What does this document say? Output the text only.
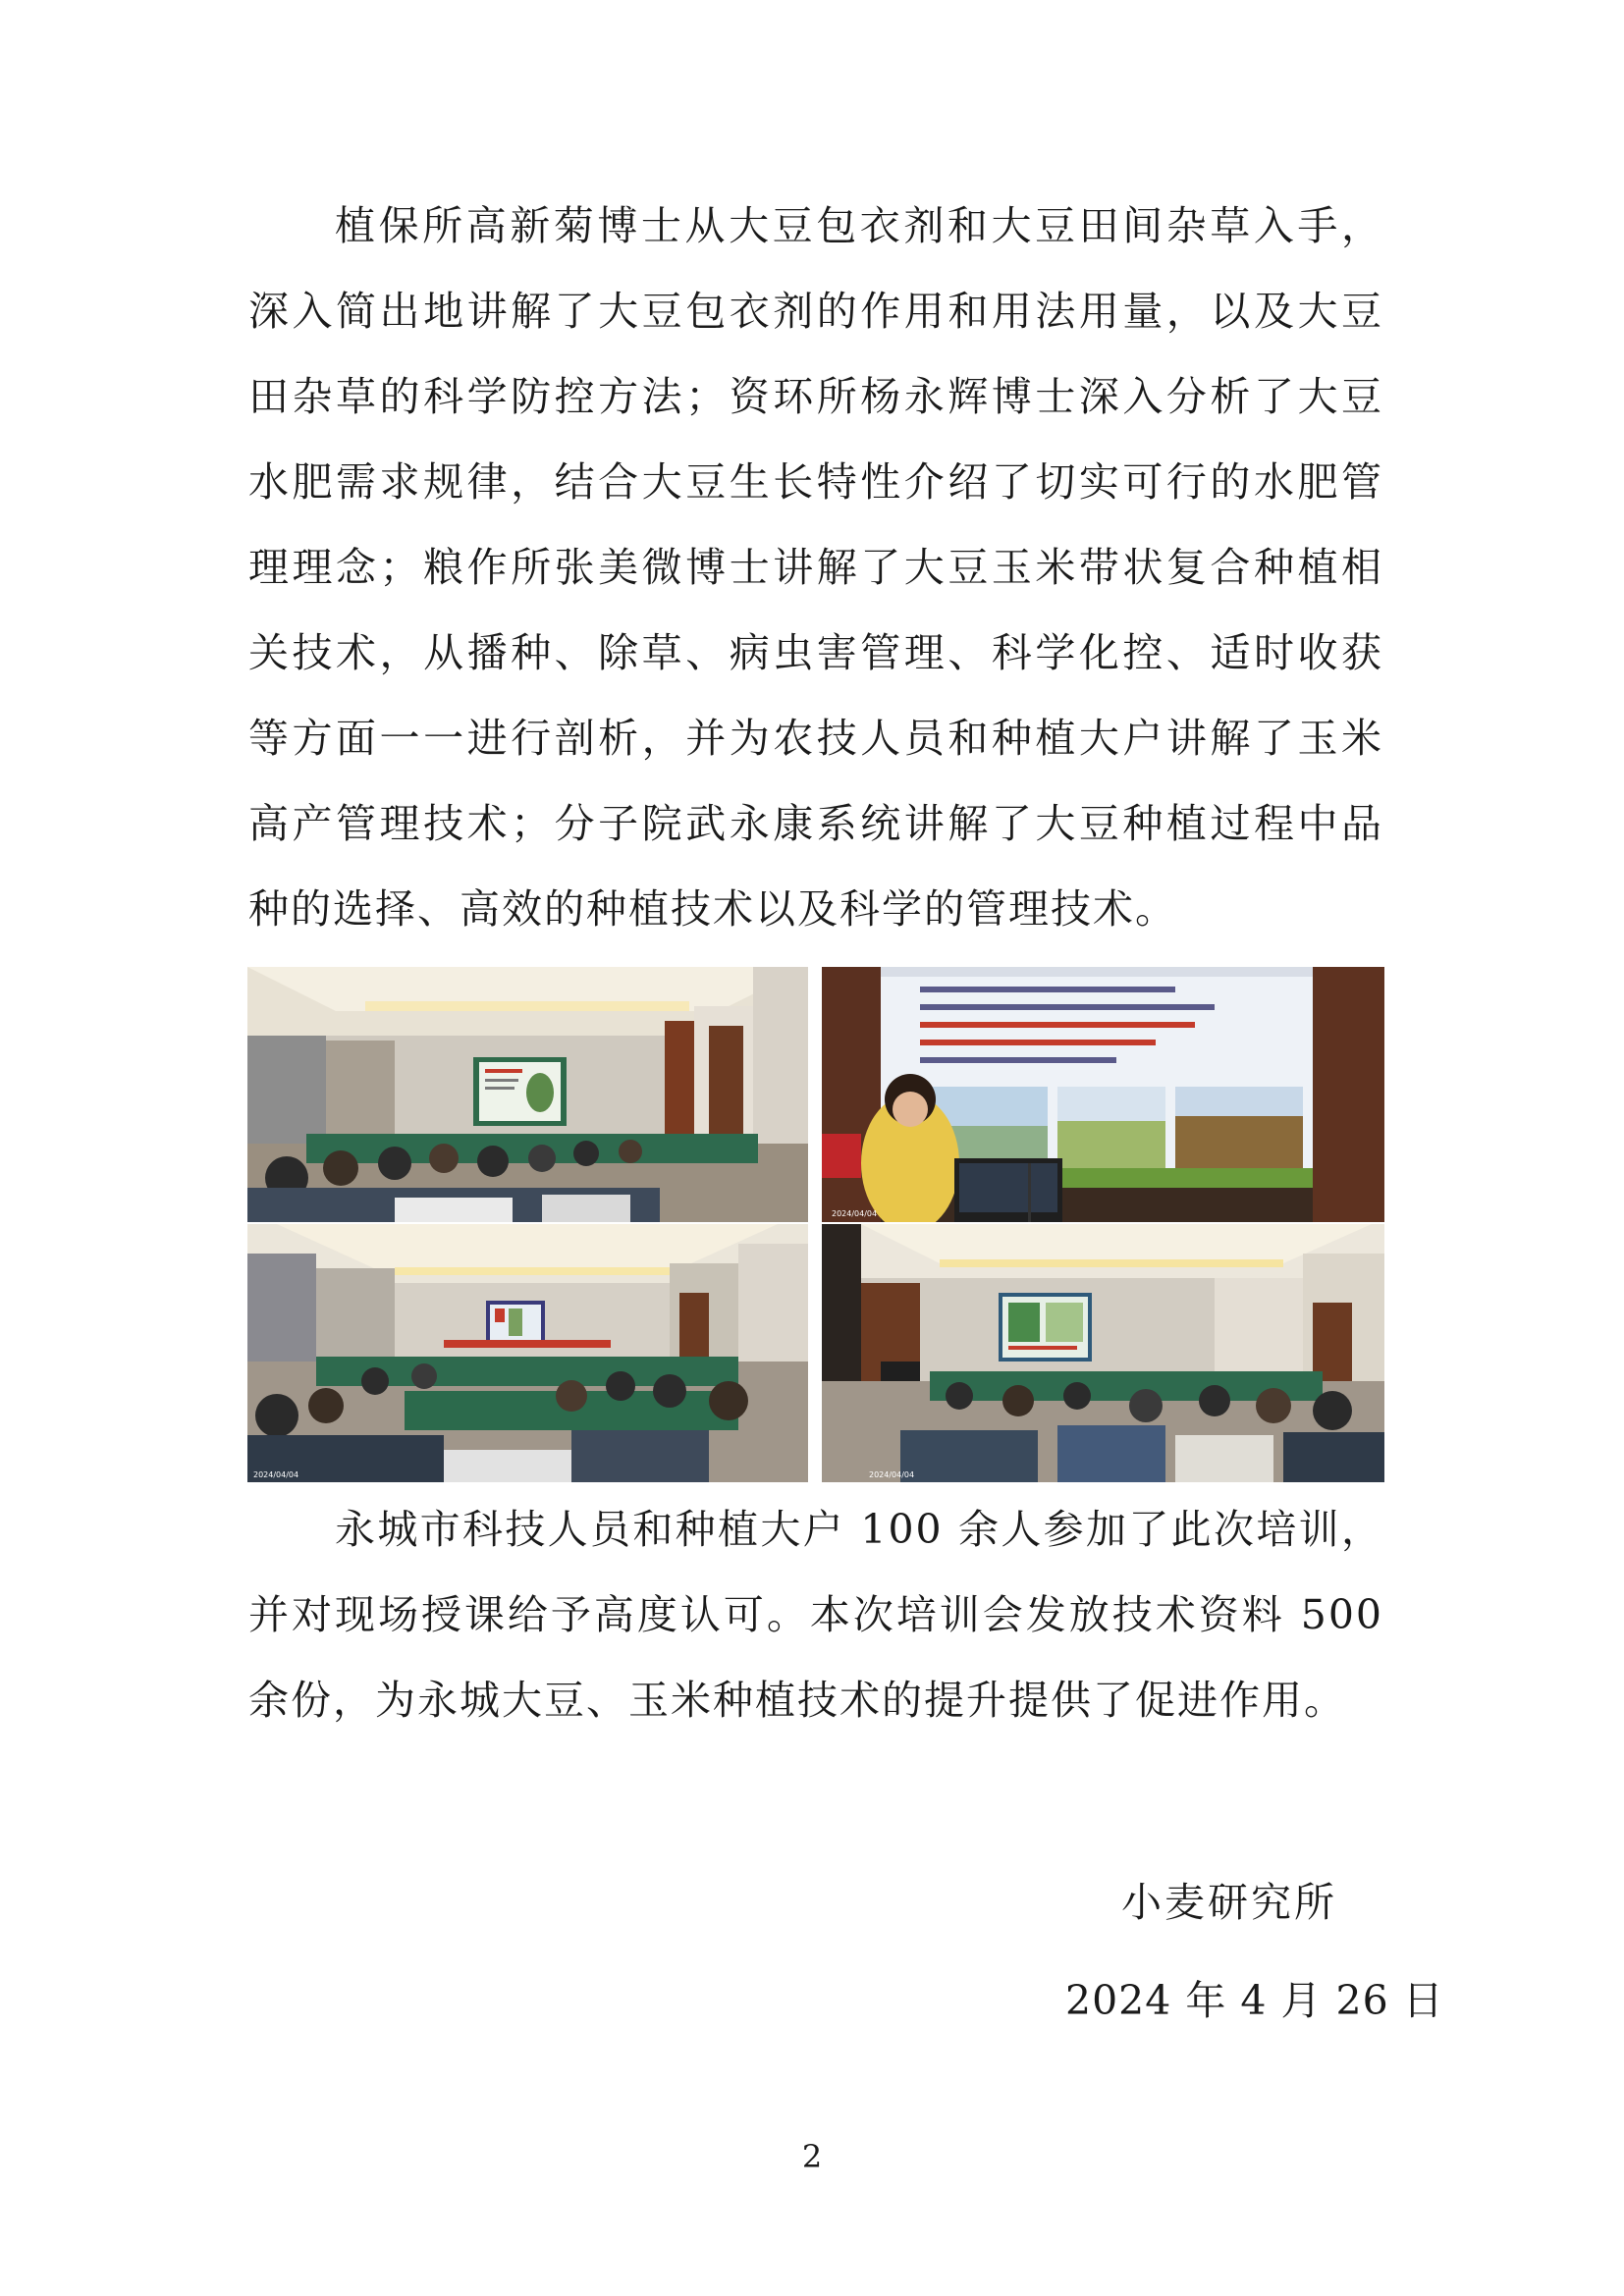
植保所高新菊博士从大豆包衣剂和大豆田间杂草入手，深入简出地讲解了大豆包衣剂的作用和用法用量，以及大豆田杂草的科学防控方法；资环所杨永辉博士深入分析了大豆水肥需求规律，结合大豆生长特性介绍了切实可行的水肥管理理念；粮作所张美微博士讲解了大豆玉米带状复合种植相关技术，从播种、除草、病虫害管理、科学化控、适时收获等方面一一进行剖析，并为农技人员和种植大户讲解了玉米高产管理技术；分子院武永康系统讲解了大豆种植过程中品种的选择、高效的种植技术以及科学的管理技术。

2024/04/04
2024/04/04	2024/04/04

永城市科技人员和种植大户 100 余人参加了此次培训，并对现场授课给予高度认可。本次培训会发放技术资料 500 余份，为永城大豆、玉米种植技术的提升提供了促进作用。

小麦研究所
2024 年 4 月 26 日
2
